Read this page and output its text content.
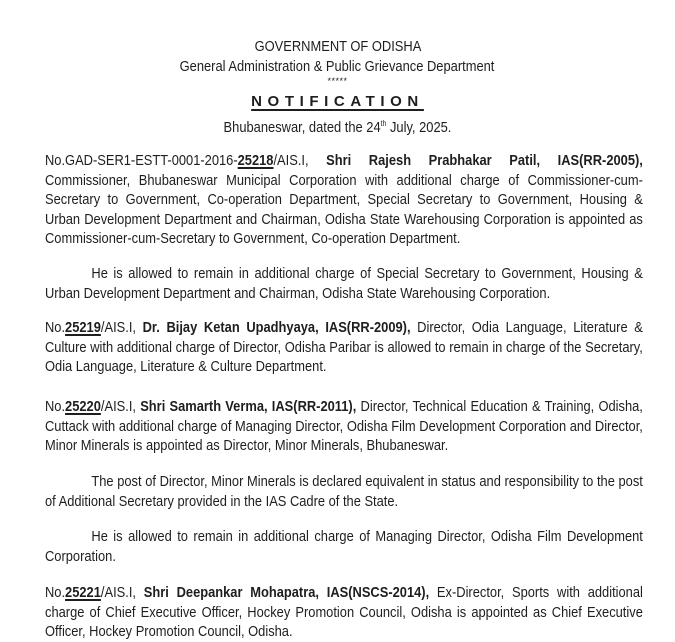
GOVERNMENT OF ODISHA
General Administration & Public Grievance Department
*****
NOTIFICATION
Bhubaneswar, dated the 24th July, 2025.
No.GAD-SER1-ESTT-0001-2016-25218/AIS.I, Shri Rajesh Prabhakar Patil, IAS(RR-2005), Commissioner, Bhubaneswar Municipal Corporation with additional charge of Commissioner-cum-Secretary to Government, Co-operation Department, Special Secretary to Government, Housing & Urban Development Department and Chairman, Odisha State Warehousing Corporation is appointed as Commissioner-cum-Secretary to Government, Co-operation Department.
He is allowed to remain in additional charge of Special Secretary to Government, Housing & Urban Development Department and Chairman, Odisha State Warehousing Corporation.
No.25219/AIS.I, Dr. Bijay Ketan Upadhyaya, IAS(RR-2009), Director, Odia Language, Literature & Culture with additional charge of Director, Odisha Paribar is allowed to remain in charge of the Secretary, Odia Language, Literature & Culture Department.
No.25220/AIS.I, Shri Samarth Verma, IAS(RR-2011), Director, Technical Education & Training, Odisha, Cuttack with additional charge of Managing Director, Odisha Film Development Corporation and Director, Minor Minerals is appointed as Director, Minor Minerals, Bhubaneswar.
The post of Director, Minor Minerals is declared equivalent in status and responsibility to the post of Additional Secretary provided in the IAS Cadre of the State.
He is allowed to remain in additional charge of Managing Director, Odisha Film Development Corporation.
No.25221/AIS.I, Shri Deepankar Mohapatra, IAS(NSCS-2014), Ex-Director, Sports with additional charge of Chief Executive Officer, Hockey Promotion Council, Odisha is appointed as Chief Executive Officer, Hockey Promotion Council, Odisha.
